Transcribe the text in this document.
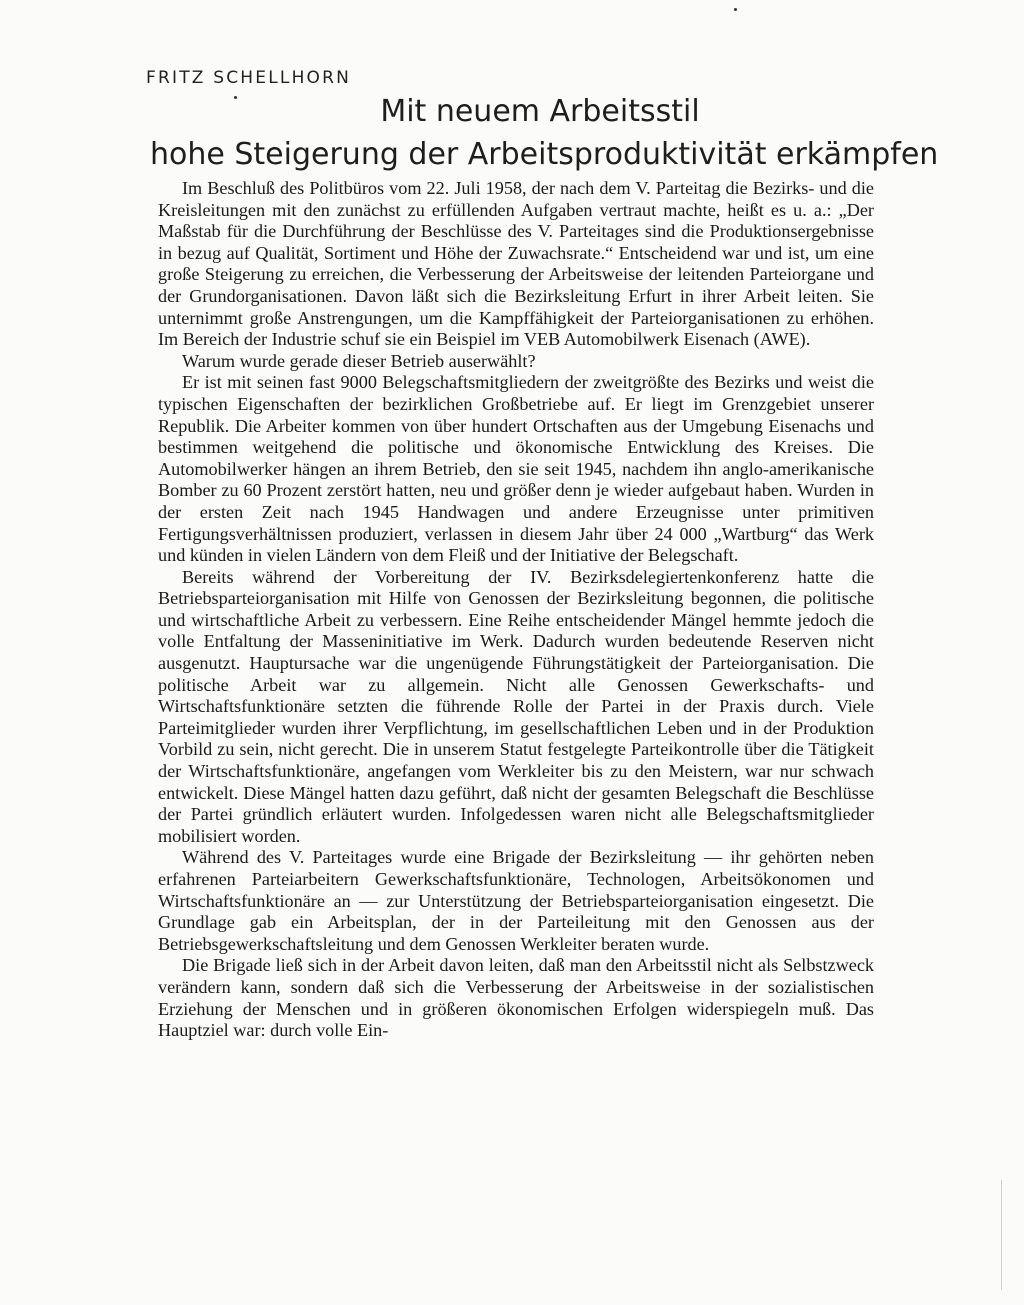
FRITZ SCHELLHORN
Mit neuem Arbeitsstil
hohe Steigerung der Arbeitsproduktivität erkämpfen

Im Beschluß des Politbüros vom 22. Juli 1958, der nach dem V. Parteitag die Bezirks- und die Kreisleitungen mit den zunächst zu erfüllenden Aufgaben vertraut machte, heißt es u. a.: „Der Maßstab für die Durchführung der Beschlüsse des V. Parteitages sind die Produktionsergebnisse in bezug auf Qualität, Sortiment und Höhe der Zuwachsrate.“ Entscheidend war und ist, um eine große Steigerung zu erreichen, die Verbesserung der Arbeitsweise der leitenden Parteiorgane und der Grundorganisationen. Davon läßt sich die Bezirksleitung Erfurt in ihrer Arbeit leiten. Sie unternimmt große Anstrengungen, um die Kampffähigkeit der Parteiorganisationen zu erhöhen. Im Bereich der Industrie schuf sie ein Beispiel im VEB Automobilwerk Eisenach (AWE).

Warum wurde gerade dieser Betrieb auserwählt?

Er ist mit seinen fast 9000 Belegschaftsmitgliedern der zweitgrößte des Bezirks und weist die typischen Eigenschaften der bezirklichen Großbetriebe auf. Er liegt im Grenzgebiet unserer Republik. Die Arbeiter kommen von über hundert Ortschaften aus der Umgebung Eisenachs und bestimmen weitgehend die politische und ökonomische Entwicklung des Kreises. Die Automobilwerker hängen an ihrem Betrieb, den sie seit 1945, nachdem ihn anglo-amerikanische Bomber zu 60 Prozent zerstört hatten, neu und größer denn je wieder aufgebaut haben. Wurden in der ersten Zeit nach 1945 Handwagen und andere Erzeugnisse unter primitiven Fertigungsverhältnissen produziert, verlassen in diesem Jahr über 24 000 „Wartburg“ das Werk und künden in vielen Ländern von dem Fleiß und der Initiative der Belegschaft.

Bereits während der Vorbereitung der IV. Bezirksdelegiertenkonferenz hatte die Betriebsparteiorganisation mit Hilfe von Genossen der Bezirksleitung begonnen, die politische und wirtschaftliche Arbeit zu verbessern. Eine Reihe entscheidender Mängel hemmte jedoch die volle Entfaltung der Masseninitiative im Werk. Dadurch wurden bedeutende Reserven nicht ausgenutzt. Hauptursache war die ungenügende Führungstätigkeit der Parteiorganisation. Die politische Arbeit war zu allgemein. Nicht alle Genossen Gewerkschafts- und Wirtschaftsfunktionäre setzten die führende Rolle der Partei in der Praxis durch. Viele Parteimitglieder wurden ihrer Verpflichtung, im gesellschaftlichen Leben und in der Produktion Vorbild zu sein, nicht gerecht. Die in unserem Statut festgelegte Parteikontrolle über die Tätigkeit der Wirtschaftsfunktionäre, angefangen vom Werkleiter bis zu den Meistern, war nur schwach entwickelt. Diese Mängel hatten dazu geführt, daß nicht der gesamten Belegschaft die Beschlüsse der Partei gründlich erläutert wurden. Infolgedessen waren nicht alle Belegschaftsmitglieder mobilisiert worden.

Während des V. Parteitages wurde eine Brigade der Bezirksleitung — ihr gehörten neben erfahrenen Parteiarbeitern Gewerkschaftsfunktionäre, Technologen, Arbeitsökonomen und Wirtschaftsfunktionäre an — zur Unterstützung der Betriebsparteiorganisation eingesetzt. Die Grundlage gab ein Arbeitsplan, der in der Parteileitung mit den Genossen aus der Betriebsgewerkschaftsleitung und dem Genossen Werkleiter beraten wurde.

Die Brigade ließ sich in der Arbeit davon leiten, daß man den Arbeitsstil nicht als Selbstzweck verändern kann, sondern daß sich die Verbesserung der Arbeitsweise in der sozialistischen Erziehung der Menschen und in größeren ökonomischen Erfolgen widerspiegeln muß. Das Hauptziel war: durch volle Ein-
